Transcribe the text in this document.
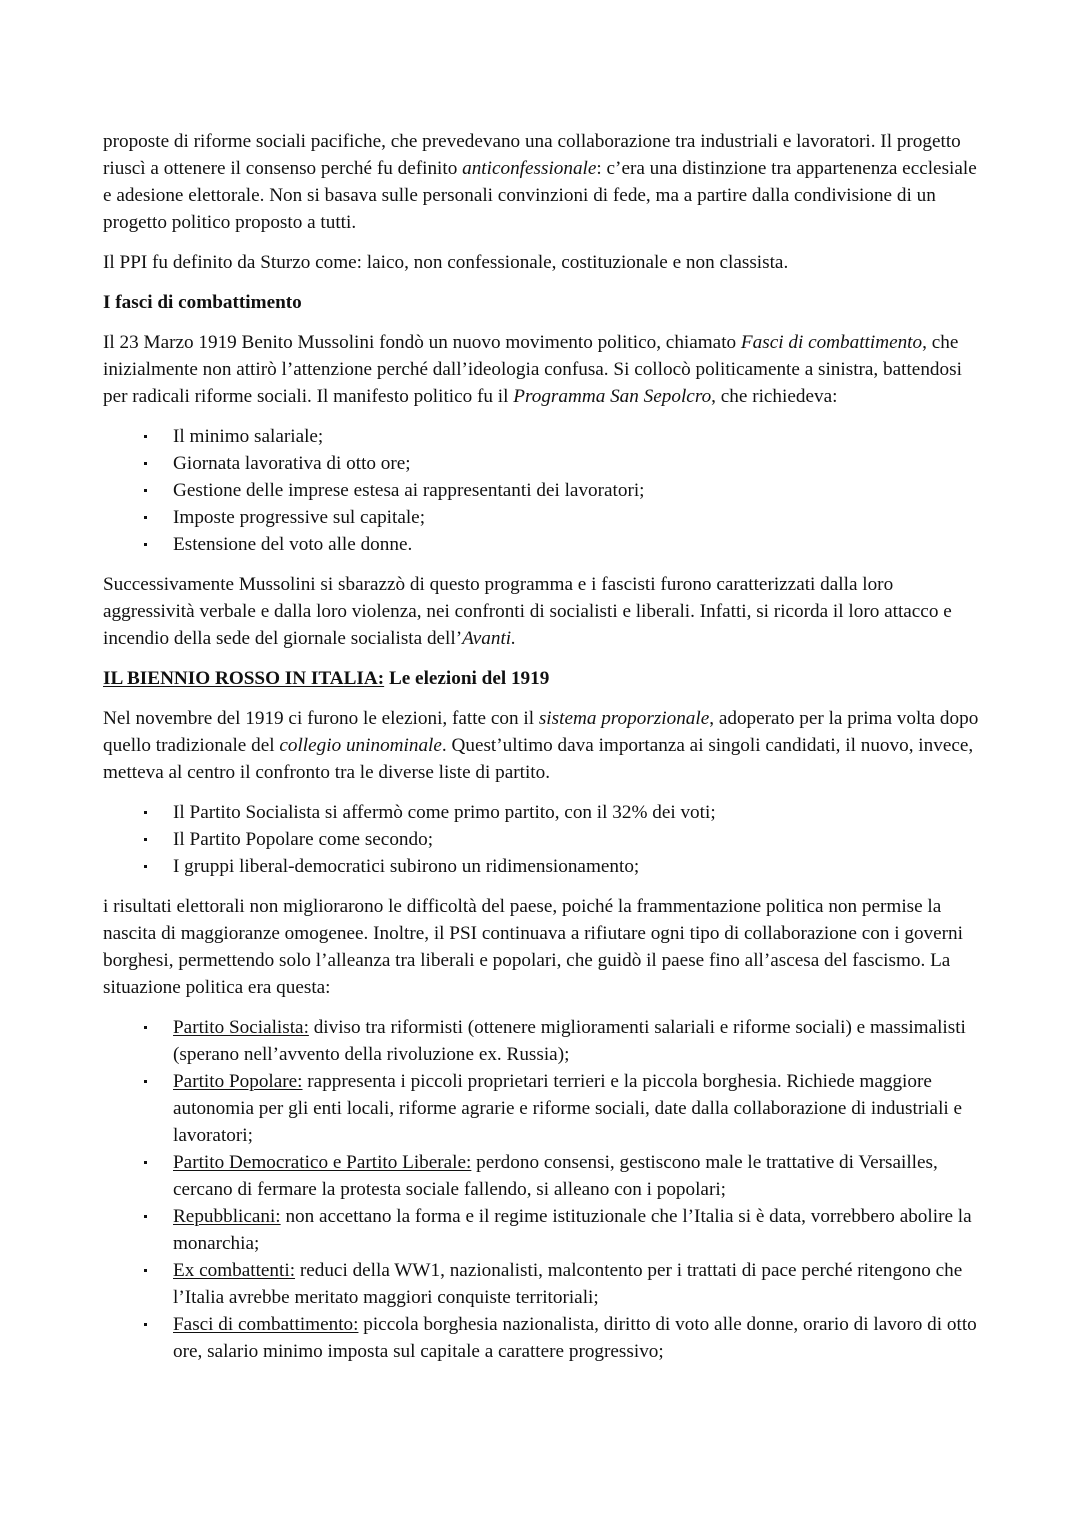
proposte di riforme sociali pacifiche, che prevedevano una collaborazione tra industriali e lavoratori. Il progetto riuscì a ottenere il consenso perché fu definito anticonfessionale: c’era una distinzione tra appartenenza ecclesiale e adesione elettorale. Non si basava sulle personali convinzioni di fede, ma a partire dalla condivisione di un progetto politico proposto a tutti.

Il PPI fu definito da Sturzo come: laico, non confessionale, costituzionale e non classista.

I fasci di combattimento

Il 23 Marzo 1919 Benito Mussolini fondò un nuovo movimento politico, chiamato Fasci di combattimento, che inizialmente non attirò l’attenzione perché dall’ideologia confusa. Si collocò politicamente a sinistra, battendosi per radicali riforme sociali. Il manifesto politico fu il Programma San Sepolcro, che richiedeva:

Il minimo salariale;
Giornata lavorativa di otto ore;
Gestione delle imprese estesa ai rappresentanti dei lavoratori;
Imposte progressive sul capitale;
Estensione del voto alle donne.

Successivamente Mussolini si sbarazzò di questo programma e i fascisti furono caratterizzati dalla loro aggressività verbale e dalla loro violenza, nei confronti di socialisti e liberali. Infatti, si ricorda il loro attacco e incendio della sede del giornale socialista dell’Avanti.

IL BIENNIO ROSSO IN ITALIA: Le elezioni del 1919

Nel novembre del 1919 ci furono le elezioni, fatte con il sistema proporzionale, adoperato per la prima volta dopo quello tradizionale del collegio uninominale. Quest’ultimo dava importanza ai singoli candidati, il nuovo, invece, metteva al centro il confronto tra le diverse liste di partito.

Il Partito Socialista si affermò come primo partito, con il 32% dei voti;
Il Partito Popolare come secondo;
I gruppi liberal-democratici subirono un ridimensionamento;

i risultati elettorali non migliorarono le difficoltà del paese, poiché la frammentazione politica non permise la nascita di maggioranze omogenee. Inoltre, il PSI continuava a rifiutare ogni tipo di collaborazione con i governi borghesi, permettendo solo l’alleanza tra liberali e popolari, che guidò il paese fino all’ascesa del fascismo. La situazione politica era questa:

Partito Socialista: diviso tra riformisti (ottenere miglioramenti salariali e riforme sociali) e massimalisti (sperano nell’avvento della rivoluzione ex. Russia);
Partito Popolare: rappresenta i piccoli proprietari terrieri e la piccola borghesia. Richiede maggiore autonomia per gli enti locali, riforme agrarie e riforme sociali, date dalla collaborazione di industriali e lavoratori;
Partito Democratico e Partito Liberale: perdono consensi, gestiscono male le trattative di Versailles, cercano di fermare la protesta sociale fallendo, si alleano con i popolari;
Repubblicani: non accettano la forma e il regime istituzionale che l’Italia si è data, vorrebbero abolire la monarchia;
Ex combattenti: reduci della WW1, nazionalisti, malcontento per i trattati di pace perché ritengono che l’Italia avrebbe meritato maggiori conquiste territoriali;
Fasci di combattimento: piccola borghesia nazionalista, diritto di voto alle donne, orario di lavoro di otto ore, salario minimo imposta sul capitale a carattere progressivo;
